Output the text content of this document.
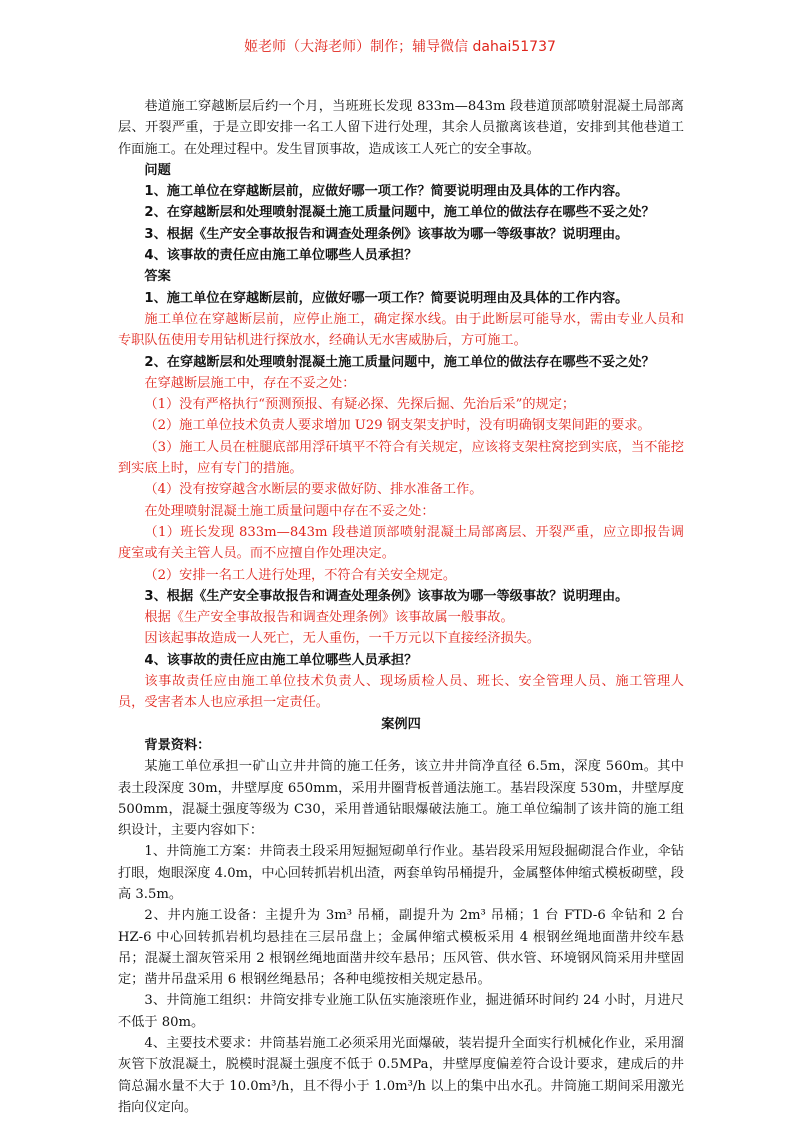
姬老师（大海老师）制作；辅导微信 dahai51737

巷道施工穿越断层后约一个月，当班班长发现 833m—843m 段巷道顶部喷射混凝土局部离层、开裂严重，于是立即安排一名工人留下进行处理，其余人员撤离该巷道，安排到其他巷道工作面施工。在处理过程中。发生冒顶事故，造成该工人死亡的安全事故。

问题

1、施工单位在穿越断层前，应做好哪一项工作？简要说明理由及具体的工作内容。

2、在穿越断层和处理喷射混凝土施工质量问题中，施工单位的做法存在哪些不妥之处？

3、根据《生产安全事故报告和调查处理条例》该事故为哪一等级事故？说明理由。

4、该事故的责任应由施工单位哪些人员承担？

答案

1、施工单位在穿越断层前，应做好哪一项工作？简要说明理由及具体的工作内容。

施工单位在穿越断层前，应停止施工，确定探水线。由于此断层可能导水，需由专业人员和专职队伍使用专用钻机进行探放水，经确认无水害威胁后，方可施工。

2、在穿越断层和处理喷射混凝土施工质量问题中，施工单位的做法存在哪些不妥之处？

在穿越断层施工中，存在不妥之处：

（1）没有严格执行“预测预报、有疑必探、先探后掘、先治后采”的规定；

（2）施工单位技术负责人要求增加 U29 钢支架支护时，没有明确钢支架间距的要求。

（3）施工人员在桩腿底部用浮矸填平不符合有关规定，应该将支架柱窝挖到实底，当不能挖到实底上时，应有专门的措施。

（4）没有按穿越含水断层的要求做好防、排水准备工作。

在处理喷射混凝土施工质量问题中存在不妥之处：

（1）班长发现 833m—843m 段巷道顶部喷射混凝土局部离层、开裂严重，应立即报告调度室或有关主管人员。而不应擅自作处理决定。

（2）安排一名工人进行处理，不符合有关安全规定。

3、根据《生产安全事故报告和调查处理条例》该事故为哪一等级事故？说明理由。

根据《生产安全事故报告和调查处理条例》该事故属一般事故。

因该起事故造成一人死亡，无人重伤，一千万元以下直接经济损失。

4、该事故的责任应由施工单位哪些人员承担？

该事故责任应由施工单位技术负责人、现场质检人员、班长、安全管理人员、施工管理人员，受害者本人也应承担一定责任。

案例四

背景资料：

某施工单位承担一矿山立井井筒的施工任务，该立井井筒净直径 6.5m，深度 560m。其中表土段深度 30m，井壁厚度 650mm，采用井圈背板普通法施工。基岩段深度 530m，井壁厚度 500mm，混凝土强度等级为 C30，采用普通钻眼爆破法施工。施工单位编制了该井筒的施工组织设计，主要内容如下：

1、井筒施工方案：井筒表土段采用短掘短砌单行作业。基岩段采用短段掘砌混合作业，伞钻打眼，炮眼深度 4.0m，中心回转抓岩机出渣，两套单钩吊桶提升，金属整体伸缩式模板砌壁，段高 3.5m。

2、井内施工设备：主提升为 3m³ 吊桶，副提升为 2m³ 吊桶；1 台 FTD-6 伞钻和 2 台 HZ-6 中心回转抓岩机均悬挂在三层吊盘上；金属伸缩式模板采用 4 根钢丝绳地面凿井绞车悬吊；混凝土溜灰管采用 2 根钢丝绳地面凿井绞车悬吊；压风管、供水管、环境钢风筒采用井壁固定；凿井吊盘采用 6 根钢丝绳悬吊；各种电缆按相关规定悬吊。

3、井筒施工组织：井筒安排专业施工队伍实施滚班作业，掘进循环时间约 24 小时，月进尺不低于 80m。

4、主要技术要求：井筒基岩施工必须采用光面爆破，装岩提升全面实行机械化作业，采用溜灰管下放混凝土，脱模时混凝土强度不低于 0.5MPa，井壁厚度偏差符合设计要求，建成后的井筒总漏水量不大于 10.0m³/h，且不得小于 1.0m³/h 以上的集中出水孔。井筒施工期间采用激光指向仪定向。
